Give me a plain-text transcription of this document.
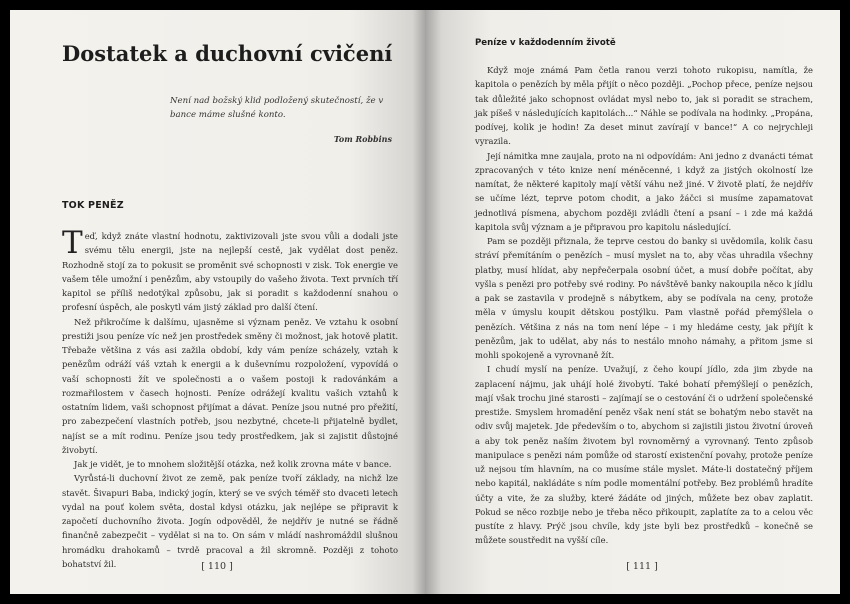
Dostatek a duchovní cvičení
Není nad božský klid podložený skutečností, že v bance máme slušné konto.
Tom Robbins
TOK PENĚZ

Teď, když znáte vlastní hodnotu, zaktivizovali jste svou vůli a dodali jste svému tělu energii, jste na nejlepší cestě, jak vydělat dost peněz. Rozhodně stojí za to pokusit se proměnit své schopnosti v zisk. Tok energie ve vašem těle umožní i penězům, aby vstoupily do vašeho života. Text prvních tří kapitol se příliš nedotýkal způsobu, jak si poradit s každodenní snahou o profesní úspěch, ale poskytl vám jistý základ pro další čtení.

Než přikročíme k dalšímu, ujasněme si význam peněz. Ve vztahu k osobní prestiži jsou peníze víc než jen prostředek směny či možnost, jak hotově platit. Třebaže většina z vás asi zažila období, kdy vám peníze scházely, vztah k penězům odráží váš vztah k energii a k duševnímu rozpoložení, vypovídá o vaší schopnosti žít ve společnosti a o vašem postoji k radovánkám a rozmařilostem v časech hojnosti. Peníze odrážejí kvalitu vašich vztahů k ostatním lidem, vaši schopnost přijímat a dávat. Peníze jsou nutné pro přežití, pro zabezpečení vlastních potřeb, jsou nezbytné, chcete-li přijatelně bydlet, najíst se a mít rodinu. Peníze jsou tedy prostředkem, jak si zajistit důstojné živobytí.

Jak je vidět, je to mnohem složitější otázka, než kolik zrovna máte v bance.

Vyrůstá-li duchovní život ze země, pak peníze tvoří základy, na nichž lze stavět. Šivapuri Baba, indický jogín, který se ve svých téměř sto dvaceti letech vydal na pouť kolem světa, dostal kdysi otázku, jak nejlépe se připravit k započetí duchovního života. Jogín odpověděl, že nejdřív je nutné se řádně finančně zabezpečit – vydělat si na to. On sám v mládí nashromáždil slušnou hromádku drahokamů – tvrdě pracoval a žil skromně. Později z tohoto bohatství žil.	[ 110 ]
Peníze v každodenním životě

Když moje známá Pam četla ranou verzi tohoto rukopisu, namítla, že kapitola o penězích by měla přijít o něco později. „Pochop přece, peníze nejsou tak důležité jako schopnost ovládat mysl nebo to, jak si poradit se strachem, jak píšeš v následujících kapitolách...“ Náhle se podívala na hodinky. „Propána, podívej, kolik je hodin! Za deset minut zavírají v bance!“ A co nejrychleji vyrazila.

Její námitka mne zaujala, proto na ni odpovídám: Ani jedno z dvanácti témat zpracovaných v této knize není méněcenné, i když za jistých okolností lze namítat, že některé kapitoly mají větší váhu než jiné. V životě platí, že nejdřív se učíme lézt, teprve potom chodit, a jako žáčci si musíme zapamatovat jednotlivá písmena, abychom později zvládli čtení a psaní – i zde má každá kapitola svůj význam a je připravou pro kapitolu následující.

Pam se později přiznala, že teprve cestou do banky si uvědomila, kolik času stráví přemítáním o penězích – musí myslet na to, aby včas uhradila všechny platby, musí hlídat, aby nepřečerpala osobní účet, a musí dobře počítat, aby vyšla s penězi pro potřeby své rodiny. Po návštěvě banky nakoupila něco k jídlu a pak se zastavila v prodejně s nábytkem, aby se podívala na ceny, protože měla v úmyslu koupit dětskou postýlku. Pam vlastně pořád přemýšlela o penězích. Většina z nás na tom není lépe – i my hledáme cesty, jak přijít k penězům, jak to udělat, aby nás to nestálo mnoho námahy, a přitom jsme si mohli spokojeně a vyrovnaně žít.

I chudí myslí na peníze. Uvažují, z čeho koupí jídlo, zda jim zbyde na zaplacení nájmu, jak uhájí holé živobytí. Také bohatí přemýšlejí o penězích, mají však trochu jiné starosti – zajímají se o cestování či o udržení společenské prestiže. Smyslem hromadění peněz však není stát se bohatým nebo stavět na odiv svůj majetek. Jde především o to, abychom si zajistili jistou životní úroveň a aby tok peněz naším životem byl rovnoměrný a vyrovnaný. Tento způsob manipulace s penězi nám pomůže od starostí existenční povahy, protože peníze už nejsou tím hlavním, na co musíme stále myslet. Máte-li dostatečný příjem nebo kapitál, nakládáte s ním podle momentální potřeby. Bez problémů hradíte účty a vite, že za služby, které žádáte od jiných, můžete bez obav zaplatit. Pokud se něco rozbije nebo je třeba něco přikoupit, zaplatíte za to a celou věc pustíte z hlavy. Prýč jsou chvíle, kdy jste byli bez prostředků – konečně se můžete soustředit na vyšší cíle.

[ 111 ]
